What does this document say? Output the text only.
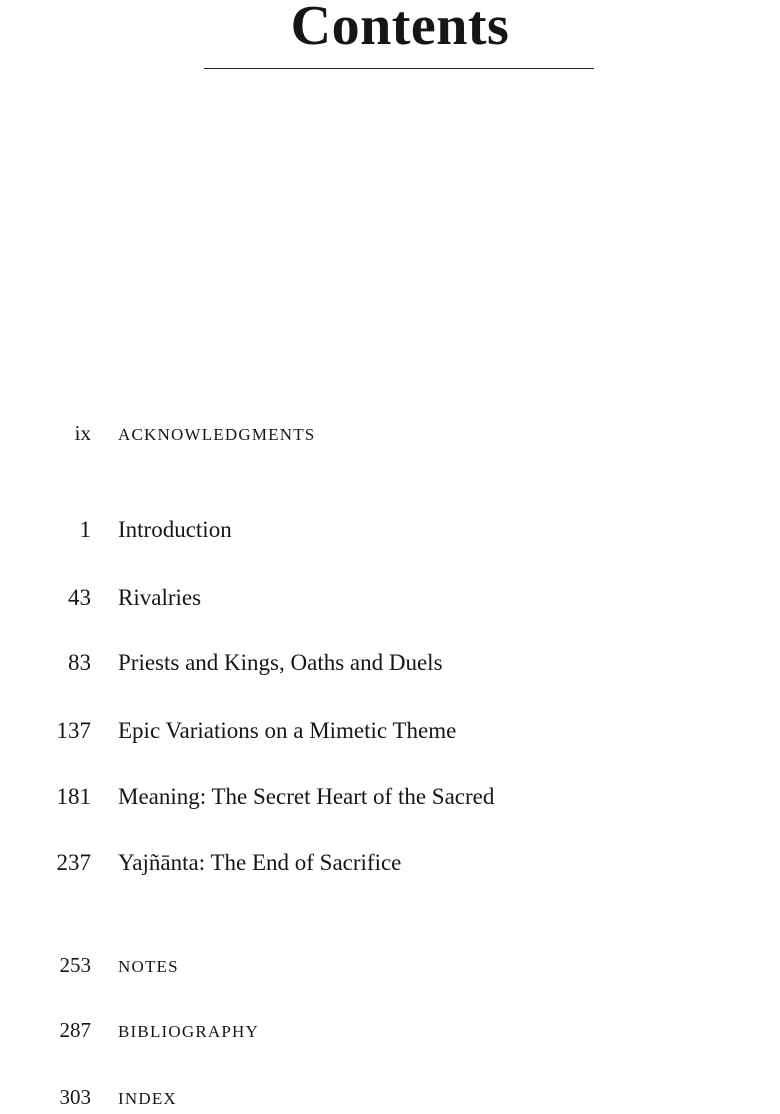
Contents
ix ACKNOWLEDGMENTS
1 Introduction
43 Rivalries
83 Priests and Kings, Oaths and Duels
137 Epic Variations on a Mimetic Theme
181 Meaning: The Secret Heart of the Sacred
237 Yajñānta: The End of Sacrifice
253 NOTES
287 BIBLIOGRAPHY
303 INDEX
